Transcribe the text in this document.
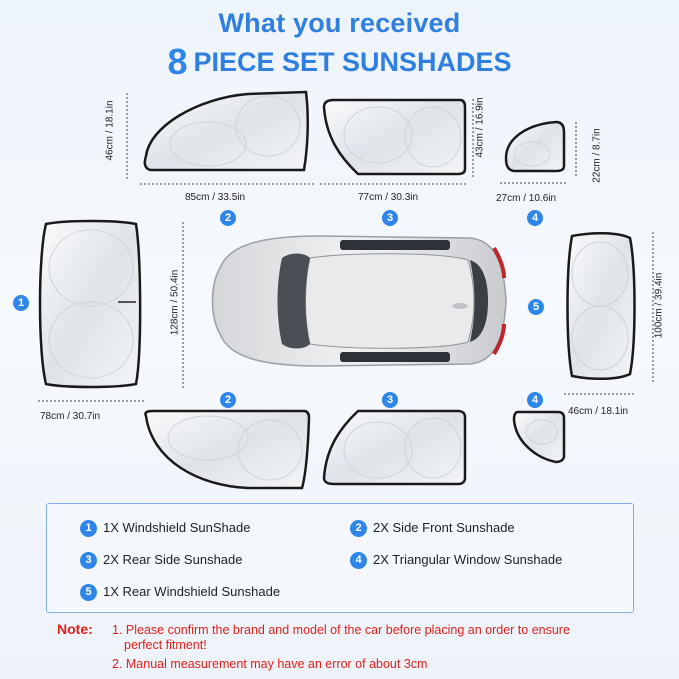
What you received
8 PIECE SET SUNSHADES
46cm / 18.1in
85cm / 33.5in
43cm / 16.9in
77cm / 30.3in
22cm / 8.7in
27cm / 10.6in
2	3	4
1	128cm / 50.4in
78cm / 30.7in
5	100cm / 39.4in
46cm / 18.1in
2	3	4
1 1X Windshield SunShade	2 2X Side Front Sunshade
3 2X Rear Side Sunshade	4 2X Triangular Window Sunshade
5 1X Rear Windshield Sunshade
Note: 1. Please confirm the brand and model of the car before placing an order to ensure
perfect fitment!
2. Manual measurement may have an error of about 3cm
